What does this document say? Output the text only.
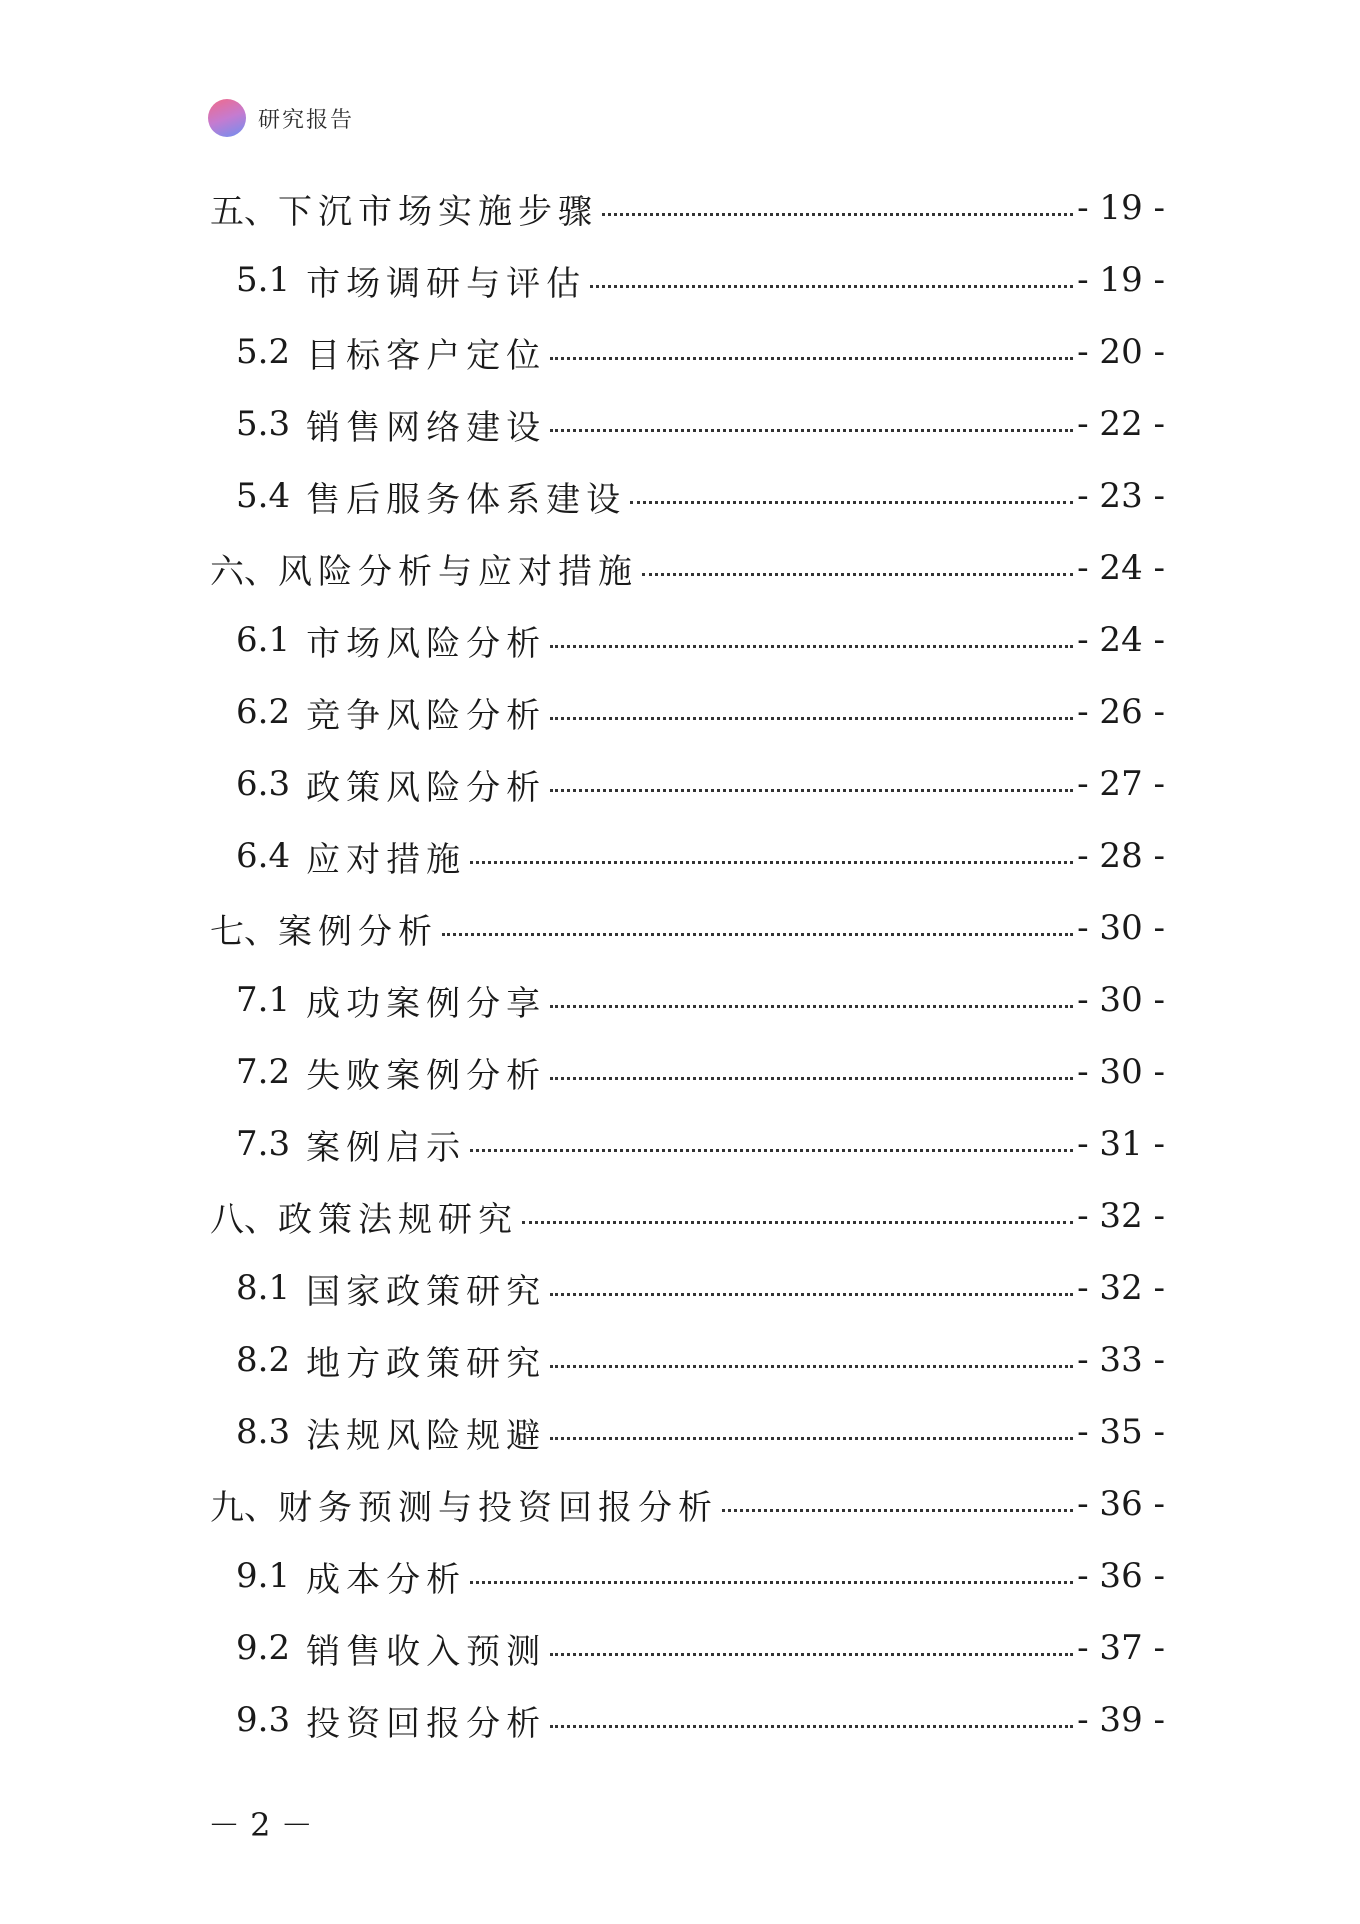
研究报告
五、 下沉市场实施步骤	- 19 -
5.1 市场调研与评估	- 19 -
5.2 目标客户定位	- 20 -
5.3 销售网络建设	- 22 -
5.4 售后服务体系建设	- 23 -
六、 风险分析与应对措施	- 24 -
6.1 市场风险分析	- 24 -
6.2 竞争风险分析	- 26 -
6.3 政策风险分析	- 27 -
6.4 应对措施	- 28 -
七、 案例分析	- 30 -
7.1 成功案例分享	- 30 -
7.2 失败案例分析	- 30 -
7.3 案例启示	- 31 -
八、 政策法规研究	- 32 -
8.1 国家政策研究	- 32 -
8.2 地方政策研究	- 33 -
8.3 法规风险规避	- 35 -
九、 财务预测与投资回报分析	- 36 -
9.1 成本分析	- 36 -
9.2 销售收入预测	- 37 -
9.3 投资回报分析	- 39 -
－ 2 －
